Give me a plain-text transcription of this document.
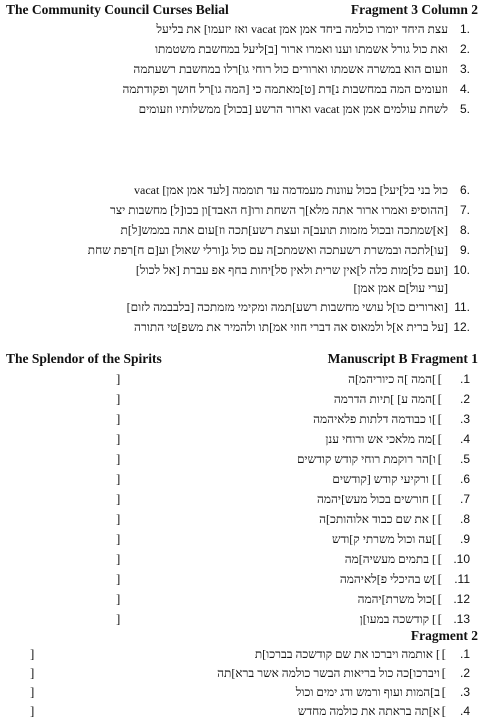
The Community Council Curses Belial	Fragment 3 Column 2
עצת היחד יומרו כולמה ביחד אמן אמן vacat ואז יזעמו] את בליעל 1.
ואת כול גורל אשמתו וענו ואמרו ארור [ב]ליעל במחשבת משטמתו 2.
וזעום הוא במשרה אשמתו וארורים כול רוחי גו]רלו במחשבת רשעתמה 3.
וזעומים המה במחשבות נ]דת [ט]מאתמה כי [המה גו]רל חושך ופקודתמה 4.
לשחת עולמים אמן אמן vacat וארור הרשע [בכול] ממשלותיו וזעומים 5.
כול בני בל]יעל] בכול עוונות מעמדמה עד תוממה [לעד אמן אמן] vacat 6.
[ההוסיפ ואמרו ארור אתה מלא]ך השחת ורו[ח האבד]ון בכו[ל] מחשבות יצר 7.
[א]שמתכה ובכול מזמות תועב]ה ועצת רשע]תכה וז]עום אתה בממש[ל]ת 8.
[עו]לתכה ובמשרת רשעתכה ואשמתכ]ה עם כול ג[ורלי שאול] וע[ם ח]רפת שחת 9.
[ועם כל]מות כלה ל]אין שרית ולאין סל]יחות בחף אפ עברת [אל לכול] 10.
[ערי עול]ם אמן אמן]
[וארורים כו]ל עושי מחשבות רשע]תמה ומקימי מזמתכה [בלבבמה לזום] 11.
[על ברית א]ל ולמאוס אה דברי חוזי אמ]תו ולהמיר את משפ]טי התורה 12.
The Splendor of the Spirits	Manuscript B Fragment 1
]	]המה ]ה כיוריהמ]ה [ .1
]	]המה ע] ]תיות הדרמה [ .2
]	]ו כבודמה דלתות פלאיהמה [ .3
]	]מה מלאכי אש ורוחי ענן [ .4
]	ו]הר רוקמת רוחי קודש קודשים [ .5
]	] ורקיעי קודש [קודשים [ .6
]	] חורשים בכול מעש]יהמה [ .7
]	] את שם כבוד אלוהותכ]ה [ .8
]	]עה וכול משרתי ק]ודש [ .9
]	] בתמים מעשיה]מה [ .10
]	]ש בהיכלי פ]לאיהמה [ .11
]	]כול משרת]יהמה [ .12
]	] קודשכה במעו]ן [ .13
Fragment 2
]	] אותמה ויברכו את שם קודשכה בברכו]ת [ .1
]	ויברכו]כה כול בריאות הבשר כולמה אשר ברא]תה [ .2
]	ב]המות ועוף ורמש ודג ימים וכול [ .3
]	א]תה בראתה את כולמה מחדש [ .4
